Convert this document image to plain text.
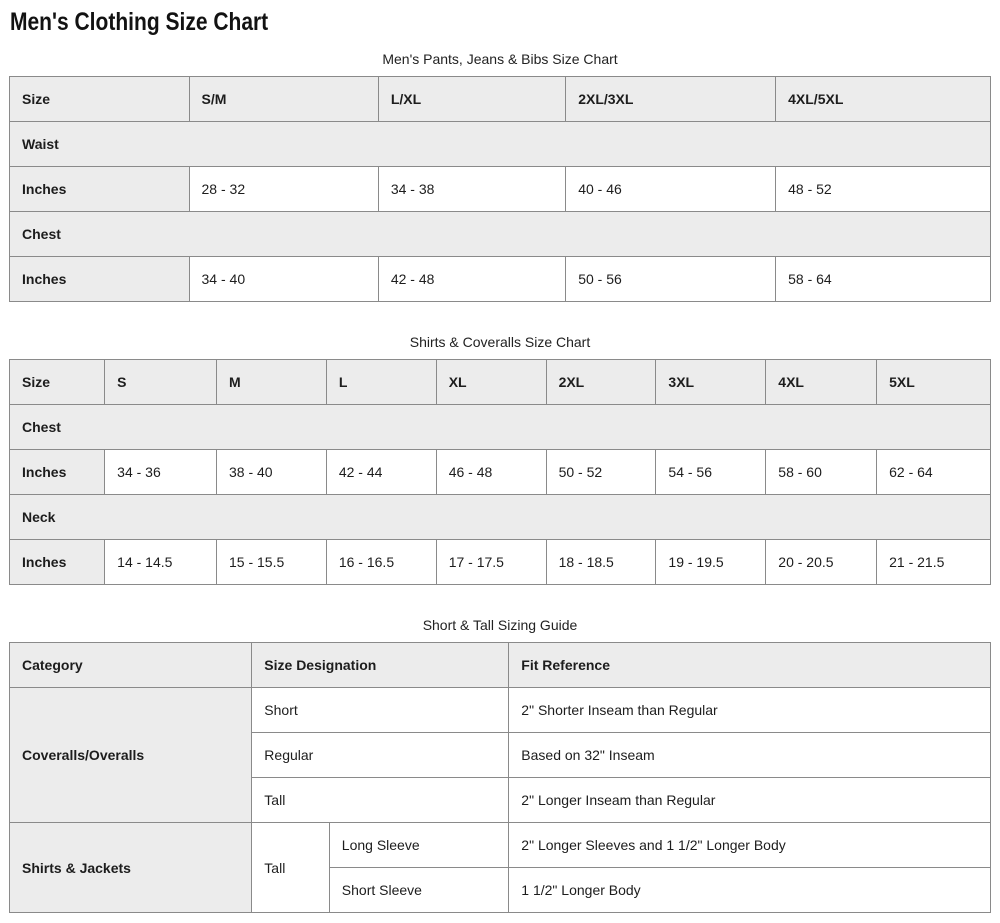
Men's Clothing Size Chart
Men's Pants, Jeans & Bibs Size Chart
Size	S/M	L/XL	2XL/3XL	4XL/5XL
Waist				
Inches	28 - 32	34 - 38	40 - 46	48 - 52
Chest				
Inches	34 - 40	42 - 48	50 - 56	58 - 64
Shirts & Coveralls Size Chart
Size	S	M	L	XL	2XL	3XL	4XL	5XL
Chest								
Inches	34 - 36	38 - 40	42 - 44	46 - 48	50 - 52	54 - 56	58 - 60	62 - 64
Neck								
Inches	14 - 14.5	15 - 15.5	16 - 16.5	17 - 17.5	18 - 18.5	19 - 19.5	20 - 20.5	21 - 21.5
Short & Tall Sizing Guide
Category	Size Designation		Fit Reference
Coveralls/Overalls	Short		2" Shorter Inseam than Regular
	Regular		Based on 32" Inseam
	Tall		2" Longer Inseam than Regular
Shirts & Jackets	Tall	Long Sleeve	2" Longer Sleeves and 1 1/2" Longer Body
		Short Sleeve	1 1/2" Longer Body
